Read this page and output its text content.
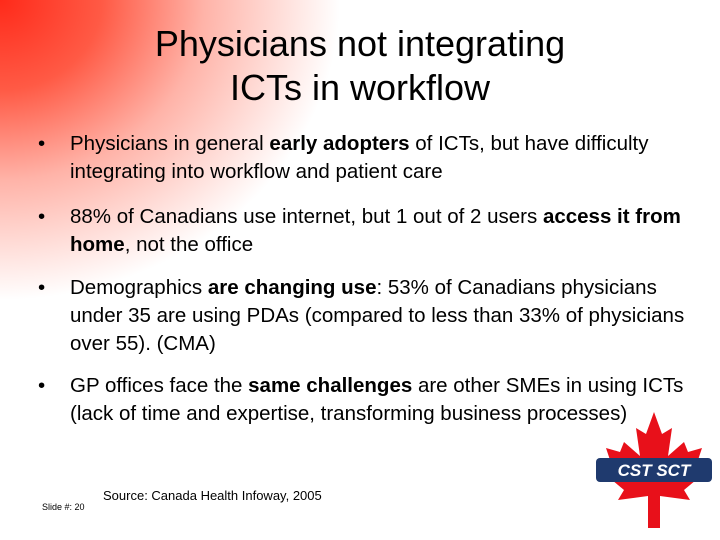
Physicians not integrating
ICTs in workflow
• Physicians in general early adopters of ICTs, but have difficulty integrating into workflow and patient care
• 88% of Canadians use internet, but 1 out of 2 users access it from home, not the office
• Demographics are changing use: 53% of Canadians physicians under 35 are using PDAs (compared to less than 33% of physicians over 55). (CMA)
• GP offices face the same challenges are other SMEs in using ICTs (lack of time and expertise, transforming business processes)
Source: Canada Health Infoway, 2005
Slide #: 20
CST SCT
